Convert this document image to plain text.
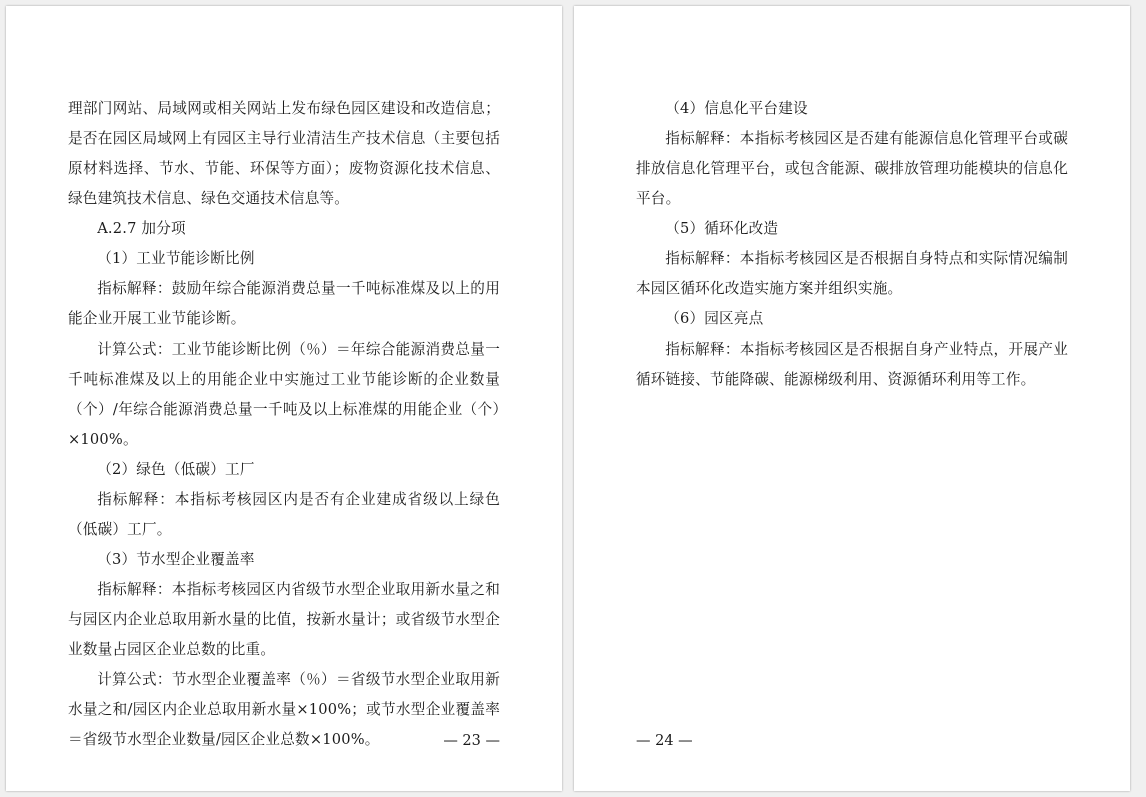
理部门网站、局域网或相关网站上发布绿色园区建设和改造信息；是否在园区局域网上有园区主导行业清洁生产技术信息（主要包括原材料选择、节水、节能、环保等方面）；废物资源化技术信息、绿色建筑技术信息、绿色交通技术信息等。

A.2.7 加分项

（1）工业节能诊断比例

指标解释：鼓励年综合能源消费总量一千吨标准煤及以上的用能企业开展工业节能诊断。

计算公式：工业节能诊断比例（％）＝年综合能源消费总量一千吨标准煤及以上的用能企业中实施过工业节能诊断的企业数量（个）/年综合能源消费总量一千吨及以上标准煤的用能企业（个）×100%。

（2）绿色（低碳）工厂

指标解释：本指标考核园区内是否有企业建成省级以上绿色（低碳）工厂。

（3）节水型企业覆盖率

指标解释：本指标考核园区内省级节水型企业取用新水量之和与园区内企业总取用新水量的比值，按新水量计；或省级节水型企业数量占园区企业总数的比重。

计算公式：节水型企业覆盖率（％）＝省级节水型企业取用新水量之和/园区内企业总取用新水量×100%；或节水型企业覆盖率＝省级节水型企业数量/园区企业总数×100%。	— 23 —

（4）信息化平台建设

指标解释：本指标考核园区是否建有能源信息化管理平台或碳排放信息化管理平台，或包含能源、碳排放管理功能模块的信息化平台。

（5）循环化改造

指标解释：本指标考核园区是否根据自身特点和实际情况编制本园区循环化改造实施方案并组织实施。

（6）园区亮点

指标解释：本指标考核园区是否根据自身产业特点，开展产业循环链接、节能降碳、能源梯级利用、资源循环利用等工作。

— 24 —
